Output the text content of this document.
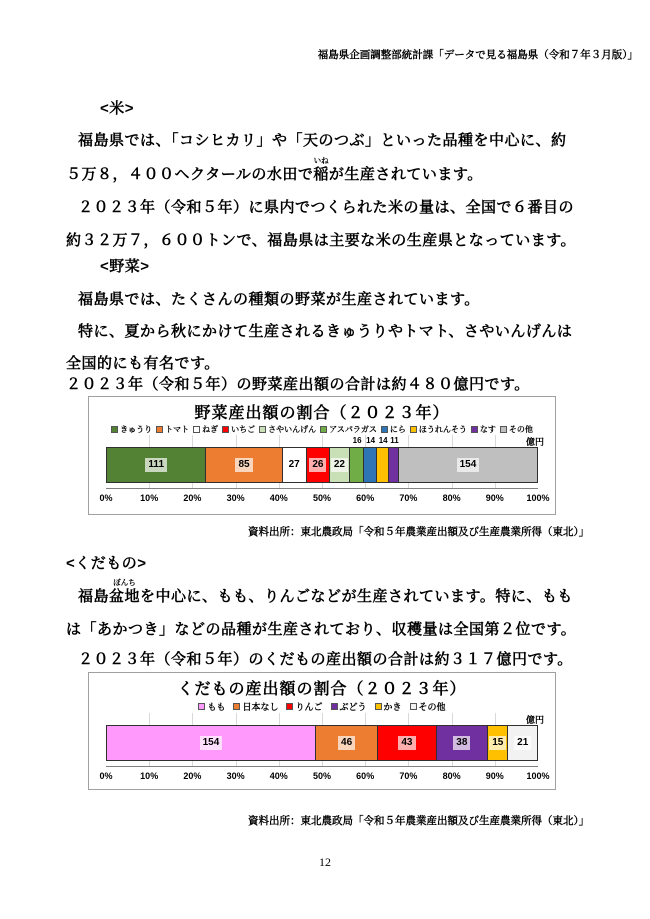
福島県企画調整部統計課「データで見る福島県（令和７年３月版）」
<米>
福島県では、「コシヒカリ」や「天のつぶ」といった品種を中心に、約
５万８，４００ヘクタールの水田で
いね
稲が生産されています。
２０２３年（令和５年）に県内でつくられた米の量は、全国で６番目の
約３２万７，６００トンで、福島県は主要な米の生産県となっています。
<野菜>
福島県では、たくさんの種類の野菜が生産されています。
特に、夏から秋にかけて生産されるきゅうりやトマト、さやいんげんは
全国的にも有名です。
２０２３年（令和５年）の野菜産出額の合計は約４８０億円です。
野菜産出額の割合（２０２３年）
きゅうり トマト ねぎ いちご さやいんげん アスパラガス にら ほうれんそう なす その他
億円
16 14 14 11
111	85	27	26	22	154
0%	10%	20%	30%	40%	50%	60%	70%	80%	90%	100%
資料出所：東北農政局「令和５年農業産出額及び生産農業所得（東北）」
<くだもの>
福島
ぼんち
盆地を中心に、もも、りんごなどが生産されています。特に、もも
は「あかつき」などの品種が生産されており、収穫量は全国第２位です。
２０２３年（令和５年）のくだもの産出額の合計は約３１７億円です。
くだもの産出額の割合（２０２３年）
もも 日本なし りんご ぶどう かき その他
億円
154	46	43	38	15	21
0%	10%	20%	30%	40%	50%	60%	70%	80%	90%	100%
資料出所：東北農政局「令和５年農業産出額及び生産農業所得（東北）」
12
